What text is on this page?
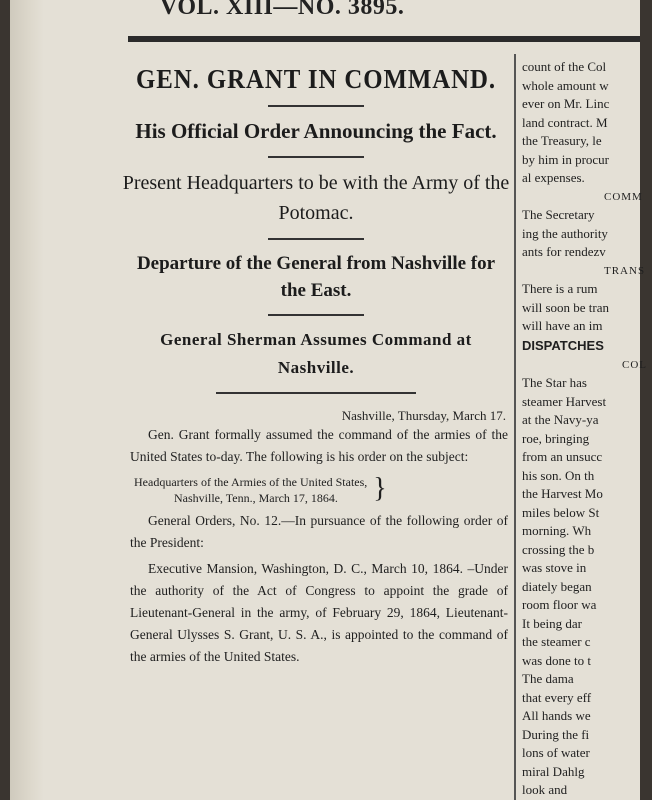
VOL. XIII—NO. 3895.
GEN. GRANT IN COMMAND.
His Official Order Announcing the Fact.
Present Headquarters to be with the Army of the Potomac.
Departure of the General from Nashville for the East.
General Sherman Assumes Command at Nashville.
Nashville, Thursday, March 17.
Gen. Grant formally assumed the command of the armies of the United States to-day. The following is his order on the subject:
Headquarters of the Armies of the United States,
Nashville, Tenn., March 17, 1864.	}
General Orders, No. 12.—In pursuance of the following order of the President:
Executive Mansion, Washington, D. C., March 10, 1864. –Under the authority of the Act of Congress to appoint the grade of Lieutenant-General in the army, of February 29, 1864, Lieutenant-General Ulysses S. Grant, U. S. A., is appointed to the command of the armies of the United States.
count of the Col
whole amount w
ever on Mr. Linc
land contract. M
the Treasury, le
by him in procur
al expenses.
COMM
The Secretary
ing the authority
ants for rendezv
TRANS
There is a rum
will soon be tran
will have an im
DISPATCHES
COL
The Star has
steamer Harvest
at the Navy-ya
roe, bringing
from an unsucc
his son. On th
the Harvest Mo
miles below St
morning. Wh
crossing the b
was stove in
diately began
room floor wa
It being dar
the steamer c
was done to t
The dama
that every eff
All hands we
During the fi
lons of water
miral Dahlg
look and
